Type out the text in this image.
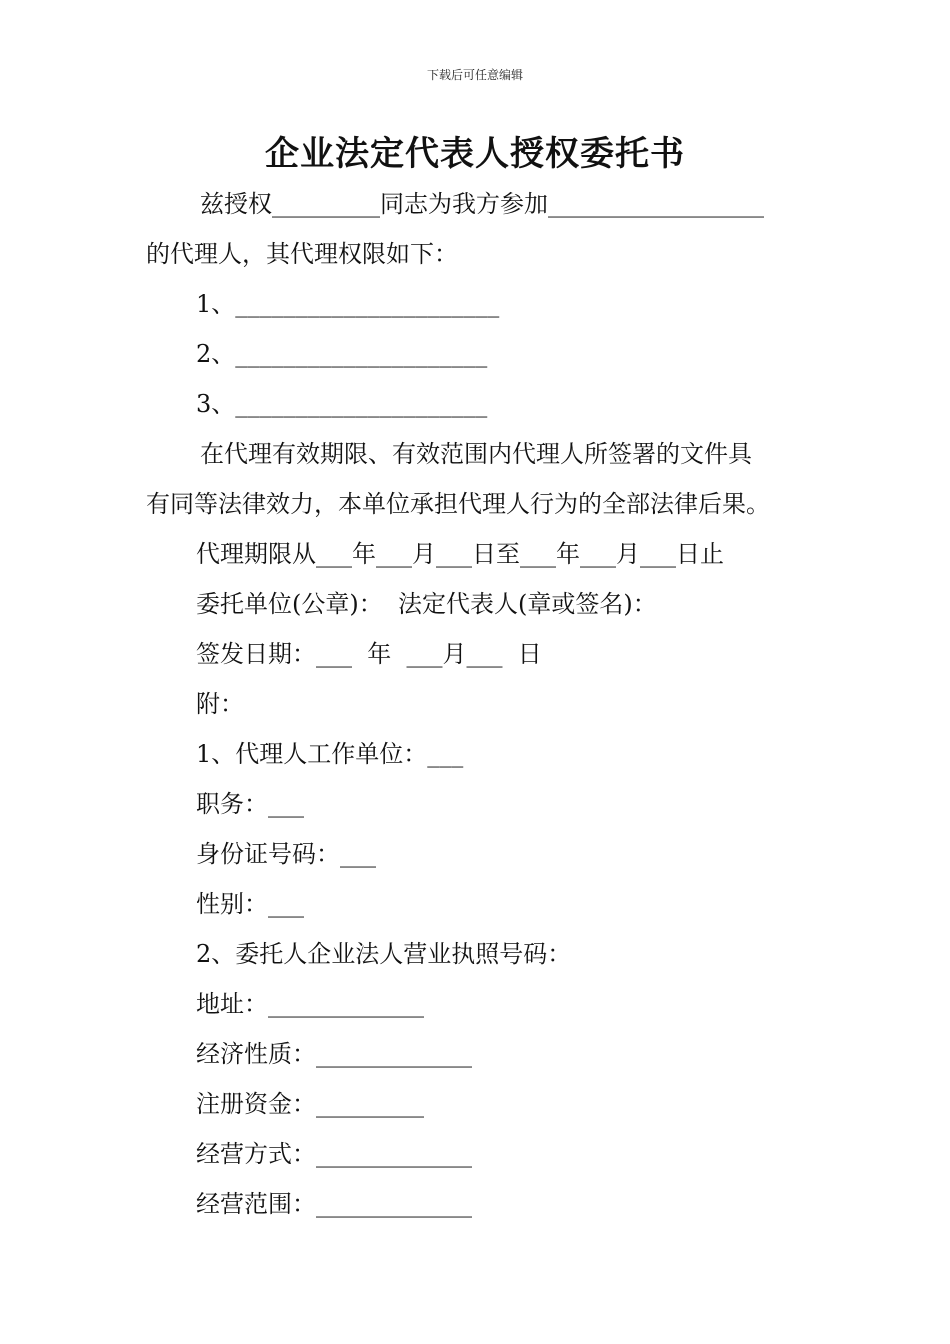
下载后可任意编辑
企业法定代表人授权委托书
兹授权_________同志为我方参加__________________
的代理人，其代理权限如下：
1、______________________
2、_____________________
3、_____________________
在代理有效期限、有效范围内代理人所签署的文件具
有同等法律效力，本单位承担代理人行为的全部法律后果。
代理期限从___年___月___日至___年___月___日止
委托单位(公章)：  法定代表人(章或签名)：
签发日期：___  年  ___月___  日
附：
1、代理人工作单位：___
职务：___
身份证号码：___
性别：___
2、委托人企业法人营业执照号码：
地址：_____________
经济性质：_____________
注册资金：_________
经营方式：_____________
经营范围：_____________
